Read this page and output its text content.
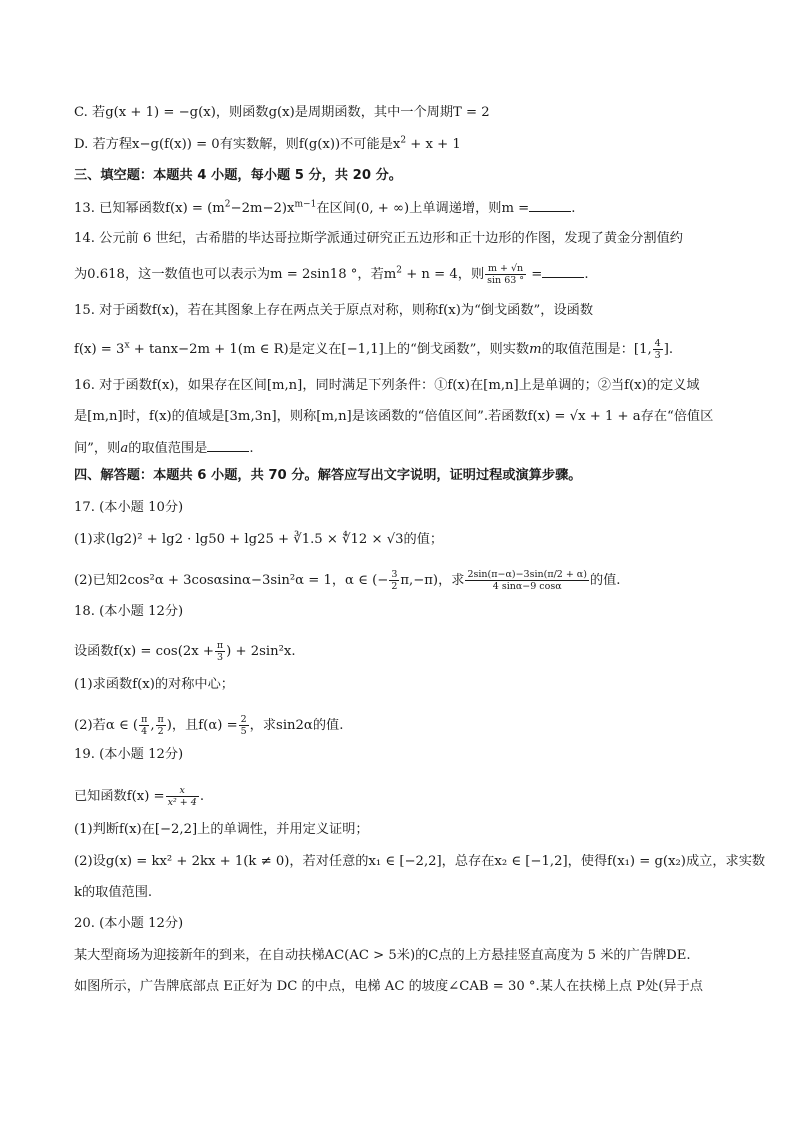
C. 若g(x + 1) = −g(x)，则函数g(x)是周期函数，其中一个周期T = 2
D. 若方程x−g(f(x)) = 0有实数解，则f(g(x))不可能是$x^2 + x + 1$
三、填空题：本题共 4 小题，每小题 5 分，共 20 分。
13. 已知幂函数$f(x) = (m^2-2m-2)x^{m-1}$在区间(0, + ∞)上单调递增，则m =	.
14. 公元前 6 世纪，古希腊的毕达哥拉斯学派通过研究正五边形和正十边形的作图，发现了黄金分割值约
为0.618，这一数值也可以表示为m = 2sin18 °，若$m^2 + n = 4$，则 $\frac{m + √n}{\sin 63 ^\circ}$ =	.
15. 对于函数f(x)，若在其图象上存在两点关于原点对称，则称f(x)为“倒戈函数”，设函数
$f(x) = 3^x + \tan x-2m + 1(m$ ∈ R)是定义在[−1,1]上的“倒戈函数”，则实数m的取值范围是：[1, $\frac{4}{3}$ ].
16. 对于函数f(x)，如果存在区间[m,n]，同时满足下列条件：①f(x)在[m,n]上是单调的；②当f(x)的定义域
是[m,n]时，f(x)的值域是[3m,3n]，则称[m,n]是该函数的“倍值区间”.若函数f(x) = √x + 1 + a存在“倍值区
间”，则a的取值范围是	.
四、解答题：本题共 6 小题，共 70 分。解答应写出文字说明，证明过程或演算步骤。
17. (本小题 10分)
(1)求(lg2)² + lg2 · lg50 + lg25 + ∛1.5 × ∜12 × √3的值；
(2)已知2cos²α + 3cosαsinα−3sin²α = 1，α ∈ (− $\frac{3}{2} \pi,-\pi$)，求 $\frac{2\sin(\pi-\alpha)-3\sin(\pi/2 + \alpha)}{4 \sin\alpha-9 \cos\alpha}$ 的值.
18. (本小题 12分)
设函数$f(x) = \cos(2x + \frac{\pi}{3}$ ) + 2sin²x.
(1)求函数f(x)的对称中心；
(2)若α ∈ ( $\frac{\pi}{4}$ , $\frac{\pi}{2}$ )，且$f(\alpha) = \frac{2}{5}$ ，求sin2α的值.
19. (本小题 12分)
已知函数$f(x) = \frac{x}{\text{x² + 4}}$ .
(1)判断f(x)在[−2,2]上的单调性，并用定义证明；
(2)设g(x) = kx² + 2kx + 1(k ≠ 0)，若对任意的x₁ ∈ [−2,2]，总存在x₂ ∈ [−1,2]，使得f(x₁) = g(x₂)成立，求实数
k的取值范围.
20. (本小题 12分)
某大型商场为迎接新年的到来，在自动扶梯AC(AC > 5米)的C点的上方悬挂竖直高度为 5 米的广告牌DE.
如图所示，广告牌底部点 E正好为 DC 的中点，电梯 AC 的坡度∠CAB = 30 °.某人在扶梯上点 P处(异于点
